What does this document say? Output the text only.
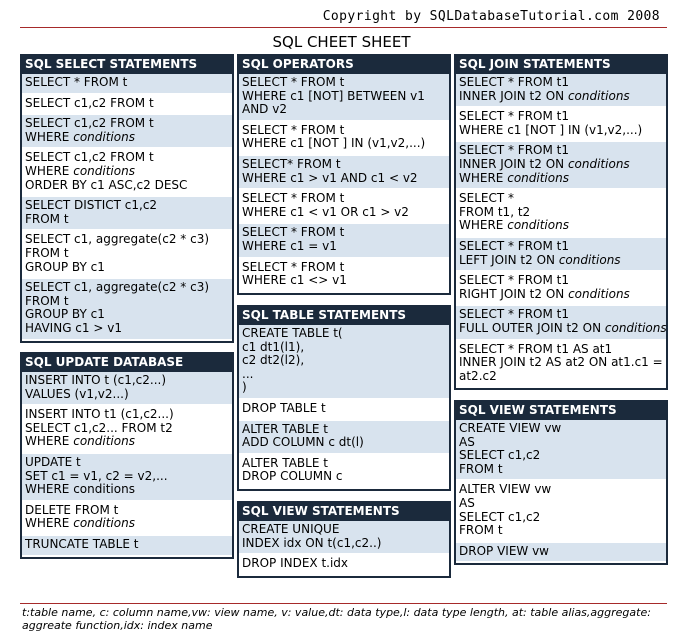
Copyright by SQLDatabaseTutorial.com 2008
SQL CHEET SHEET
SQL SELECT STATEMENTS
SELECT * FROM t
SELECT c1,c2 FROM t
SELECT c1,c2 FROM t
WHERE conditions
SELECT c1,c2 FROM t
WHERE conditions
ORDER BY c1 ASC,c2 DESC
SELECT DISTICT c1,c2
FROM t
SELECT c1, aggregate(c2 * c3)
FROM t
GROUP BY c1
SELECT c1, aggregate(c2 * c3)
FROM t
GROUP BY c1
HAVING c1 > v1
SQL UPDATE DATABASE
INSERT INTO t (c1,c2...)
VALUES (v1,v2...)
INSERT INTO t1 (c1,c2...)
SELECT c1,c2... FROM t2
WHERE conditions
UPDATE t
SET c1 = v1, c2 = v2,...
WHERE conditions
DELETE FROM t
WHERE conditions
TRUNCATE TABLE t
SQL OPERATORS
SELECT * FROM t
WHERE c1 [NOT] BETWEEN v1
AND v2
SELECT * FROM t
WHERE c1 [NOT ] IN (v1,v2,...)
SELECT* FROM t
WHERE c1 > v1 AND c1 < v2
SELECT * FROM t
WHERE c1 < v1 OR c1 > v2
SELECT * FROM t
WHERE c1 = v1
SELECT * FROM t
WHERE c1 <> v1
SQL TABLE STATEMENTS
CREATE TABLE t(
c1 dt1(l1),
c2 dt2(l2),
...
)
DROP TABLE t
ALTER TABLE t
ADD COLUMN c dt(l)
ALTER TABLE t
DROP COLUMN c
SQL VIEW STATEMENTS
CREATE UNIQUE
INDEX idx ON t(c1,c2..)
DROP INDEX t.idx
SQL JOIN STATEMENTS
SELECT * FROM t1
INNER JOIN t2 ON conditions
SELECT * FROM t1
WHERE c1 [NOT ] IN (v1,v2,...)
SELECT * FROM t1
INNER JOIN t2 ON conditions
WHERE conditions
SELECT *
FROM t1, t2
WHERE conditions
SELECT * FROM t1
LEFT JOIN t2 ON conditions
SELECT * FROM t1
RIGHT JOIN t2 ON conditions
SELECT * FROM t1
FULL OUTER JOIN t2 ON conditions
SELECT * FROM t1 AS at1
INNER JOIN t2 AS at2 ON at1.c1 =
at2.c2
SQL VIEW STATEMENTS
CREATE VIEW vw
AS
SELECT c1,c2
FROM t
ALTER VIEW vw
AS
SELECT c1,c2
FROM t
DROP VIEW vw
t:table name, c: column name,vw: view name, v: value,dt: data type,l: data type length, at: table alias,aggregate: aggreate function,idx: index name
